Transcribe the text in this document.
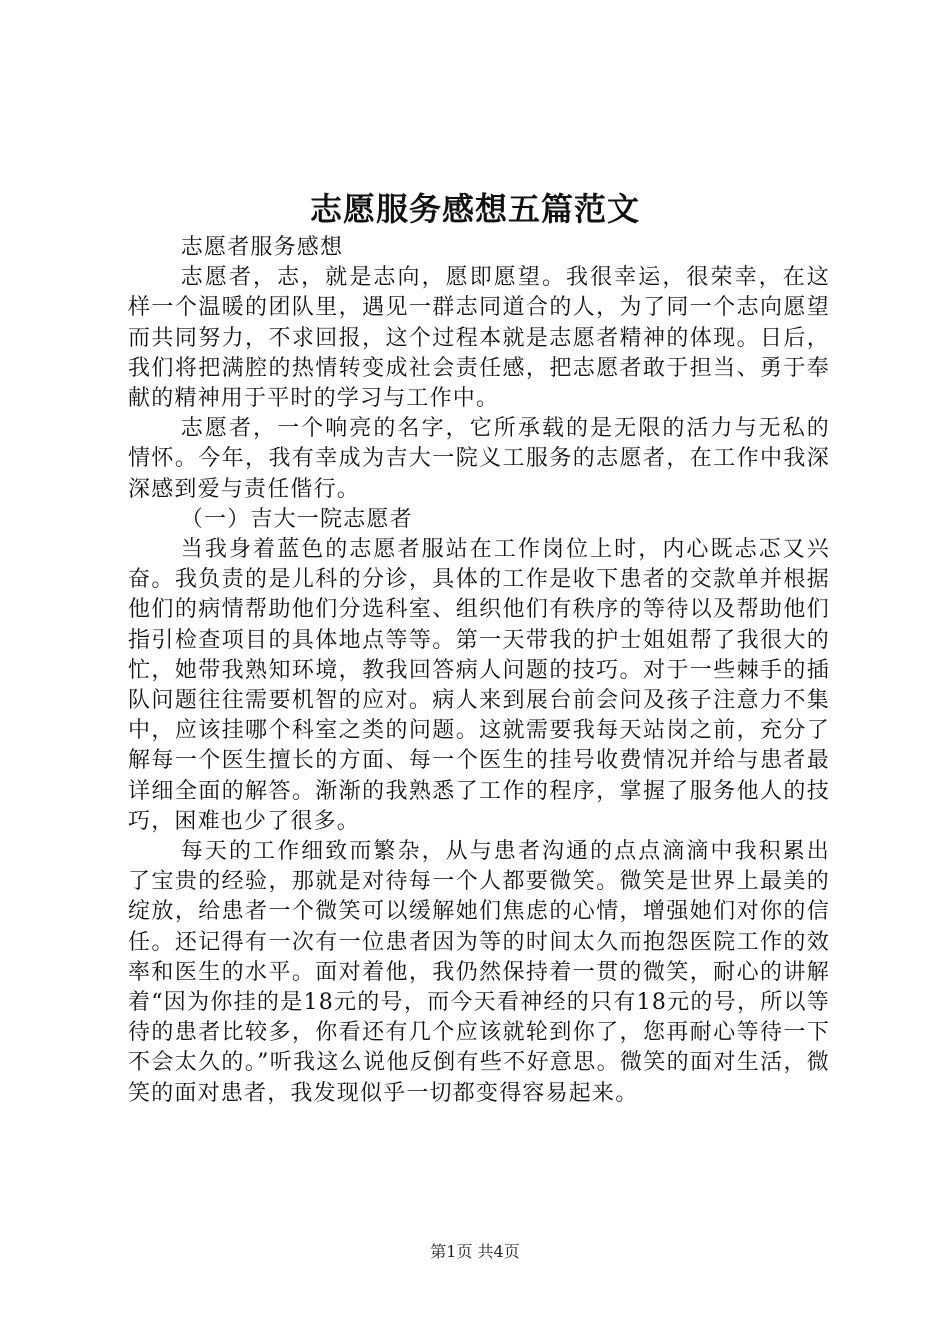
志愿服务感想五篇范文

志愿者服务感想

志愿者，志，就是志向，愿即愿望。我很幸运，很荣幸，在这样一个温暖的团队里，遇见一群志同道合的人，为了同一个志向愿望而共同努力，不求回报，这个过程本就是志愿者精神的体现。日后，我们将把满腔的热情转变成社会责任感，把志愿者敢于担当、勇于奉献的精神用于平时的学习与工作中。

志愿者，一个响亮的名字，它所承载的是无限的活力与无私的情怀。今年，我有幸成为吉大一院义工服务的志愿者，在工作中我深深感到爱与责任偕行。

（一）吉大一院志愿者

当我身着蓝色的志愿者服站在工作岗位上时，内心既忐忑又兴奋。我负责的是儿科的分诊，具体的工作是收下患者的交款单并根据他们的病情帮助他们分选科室、组织他们有秩序的等待以及帮助他们指引检查项目的具体地点等等。第一天带我的护士姐姐帮了我很大的忙，她带我熟知环境，教我回答病人问题的技巧。对于一些棘手的插队问题往往需要机智的应对。病人来到展台前会问及孩子注意力不集中，应该挂哪个科室之类的问题。这就需要我每天站岗之前，充分了解每一个医生擅长的方面、每一个医生的挂号收费情况并给与患者最详细全面的解答。渐渐的我熟悉了工作的程序，掌握了服务他人的技巧，困难也少了很多。

每天的工作细致而繁杂，从与患者沟通的点点滴滴中我积累出了宝贵的经验，那就是对待每一个人都要微笑。微笑是世界上最美的绽放，给患者一个微笑可以缓解她们焦虑的心情，增强她们对你的信任。还记得有一次有一位患者因为等的时间太久而抱怨医院工作的效率和医生的水平。面对着他，我仍然保持着一贯的微笑，耐心的讲解着“因为你挂的是18元的号，而今天看神经的只有18元的号，所以等待的患者比较多，你看还有几个应该就轮到你了，您再耐心等待一下不会太久的。”听我这么说他反倒有些不好意思。微笑的面对生活，微笑的面对患者，我发现似乎一切都变得容易起来。

第1页 共4页
